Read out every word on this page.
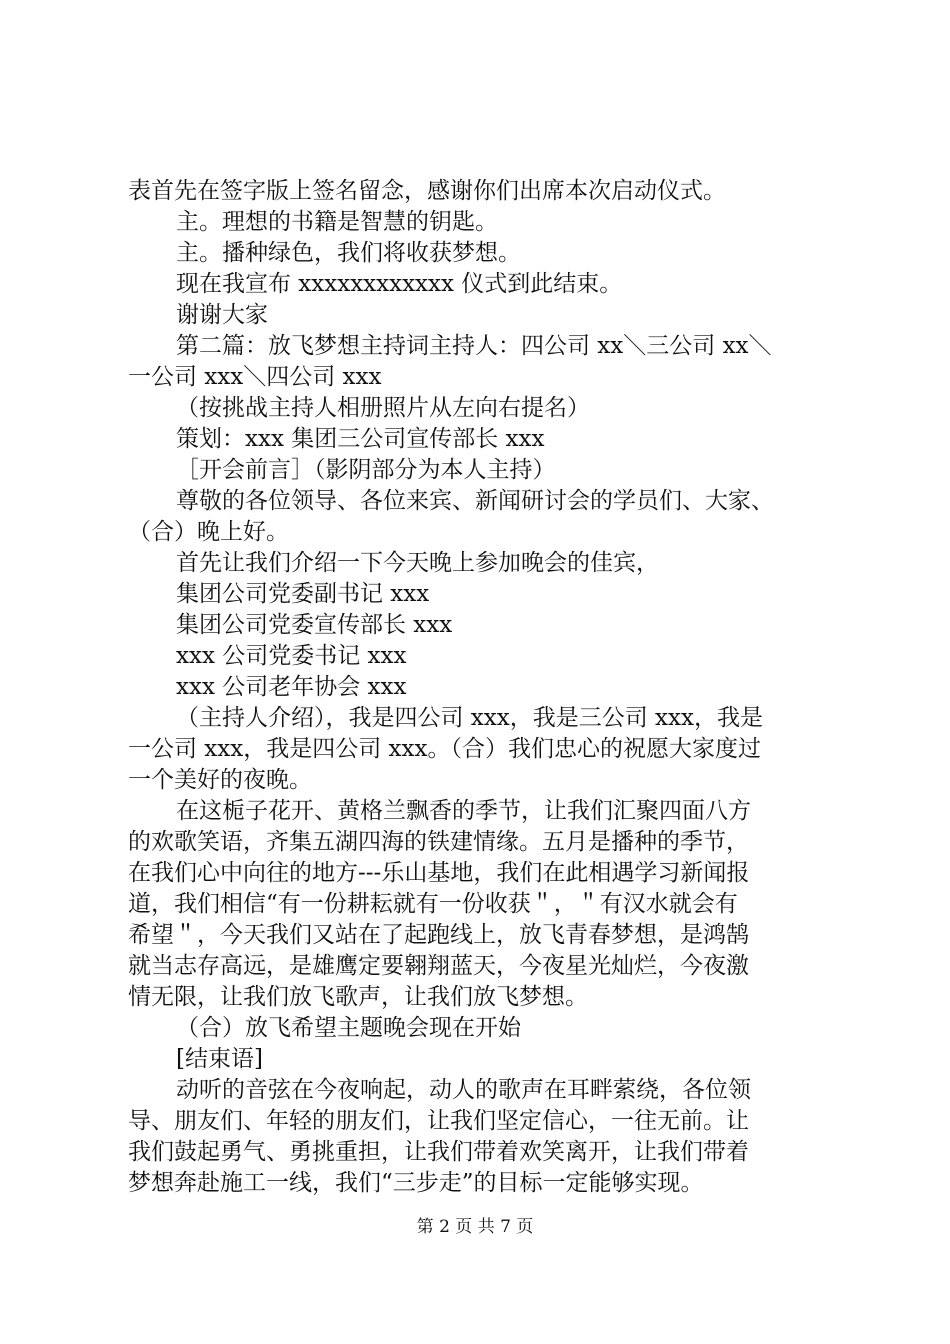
表首先在签字版上签名留念，感谢你们出席本次启动仪式。
主。理想的书籍是智慧的钥匙。
主。播种绿色，我们将收获梦想。
现在我宣布 xxxxxxxxxxxx 仪式到此结束。
谢谢大家
第二篇：放飞梦想主持词主持人：四公司 xx＼三公司 xx＼
一公司 xxx＼四公司 xxx
（按挑战主持人相册照片从左向右提名）
策划：xxx 集团三公司宣传部长 xxx
［开会前言］（影阴部分为本人主持）
尊敬的各位领导、各位来宾、新闻研讨会的学员们、大家、
（合）晚上好。
首先让我们介绍一下今天晚上参加晚会的佳宾，
集团公司党委副书记 xxx
集团公司党委宣传部长 xxx
xxx 公司党委书记 xxx
xxx 公司老年协会 xxx
（主持人介绍），我是四公司 xxx，我是三公司 xxx，我是
一公司 xxx，我是四公司 xxx。（合）我们忠心的祝愿大家度过
一个美好的夜晚。
在这栀子花开、黄格兰飘香的季节，让我们汇聚四面八方
的欢歌笑语，齐集五湖四海的铁建情缘。五月是播种的季节，
在我们心中向往的地方---乐山基地，我们在此相遇学习新闻报
道，我们相信“有一份耕耘就有一份收获＂，＂有汉水就会有
希望＂，今天我们又站在了起跑线上，放飞青春梦想，是鸿鹄
就当志存高远，是雄鹰定要翱翔蓝天，今夜星光灿烂，今夜激
情无限，让我们放飞歌声，让我们放飞梦想。
（合）放飞希望主题晚会现在开始
[结束语]
动听的音弦在今夜响起，动人的歌声在耳畔萦绕，各位领
导、朋友们、年轻的朋友们，让我们坚定信心，一往无前。让
我们鼓起勇气、勇挑重担，让我们带着欢笑离开，让我们带着
梦想奔赴施工一线，我们“三步走”的目标一定能够实现。
第 2 页 共 7 页
